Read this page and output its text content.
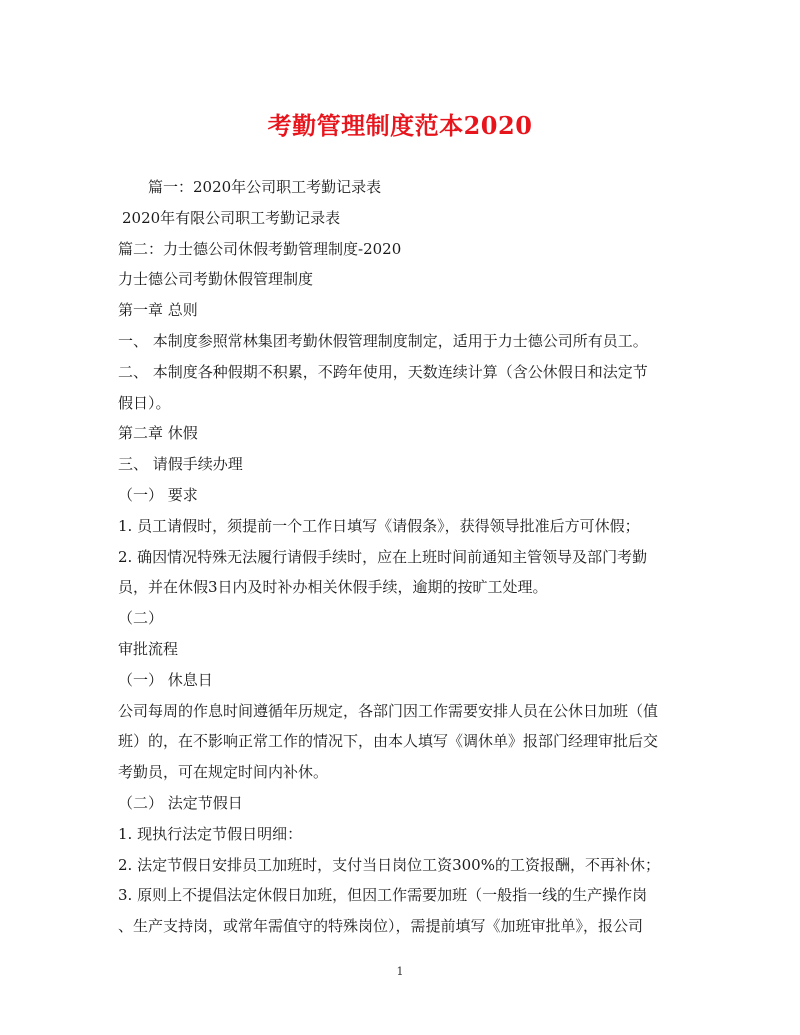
考勤管理制度范本2020
篇一：2020年公司职工考勤记录表
2020年有限公司职工考勤记录表
篇二：力士德公司休假考勤管理制度-2020
力士德公司考勤休假管理制度
第一章 总则
一、 本制度参照常林集团考勤休假管理制度制定，适用于力士德公司所有员工。
二、 本制度各种假期不积累，不跨年使用，天数连续计算（含公休假日和法定节
假日）。
第二章 休假
三、 请假手续办理
（一） 要求
1. 员工请假时，须提前一个工作日填写《请假条》，获得领导批准后方可休假；
2. 确因情况特殊无法履行请假手续时，应在上班时间前通知主管领导及部门考勤
员，并在休假3日内及时补办相关休假手续，逾期的按旷工处理。
（二）
审批流程
（一） 休息日
公司每周的作息时间遵循年历规定，各部门因工作需要安排人员在公休日加班（值
班）的，在不影响正常工作的情况下，由本人填写《调休单》报部门经理审批后交
考勤员，可在规定时间内补休。
（二） 法定节假日
1. 现执行法定节假日明细：
2. 法定节假日安排员工加班时，支付当日岗位工资300%的工资报酬，不再补休；
3. 原则上不提倡法定休假日加班，但因工作需要加班（一般指一线的生产操作岗
、生产支持岗，或常年需值守的特殊岗位），需提前填写《加班审批单》，报公司
1
